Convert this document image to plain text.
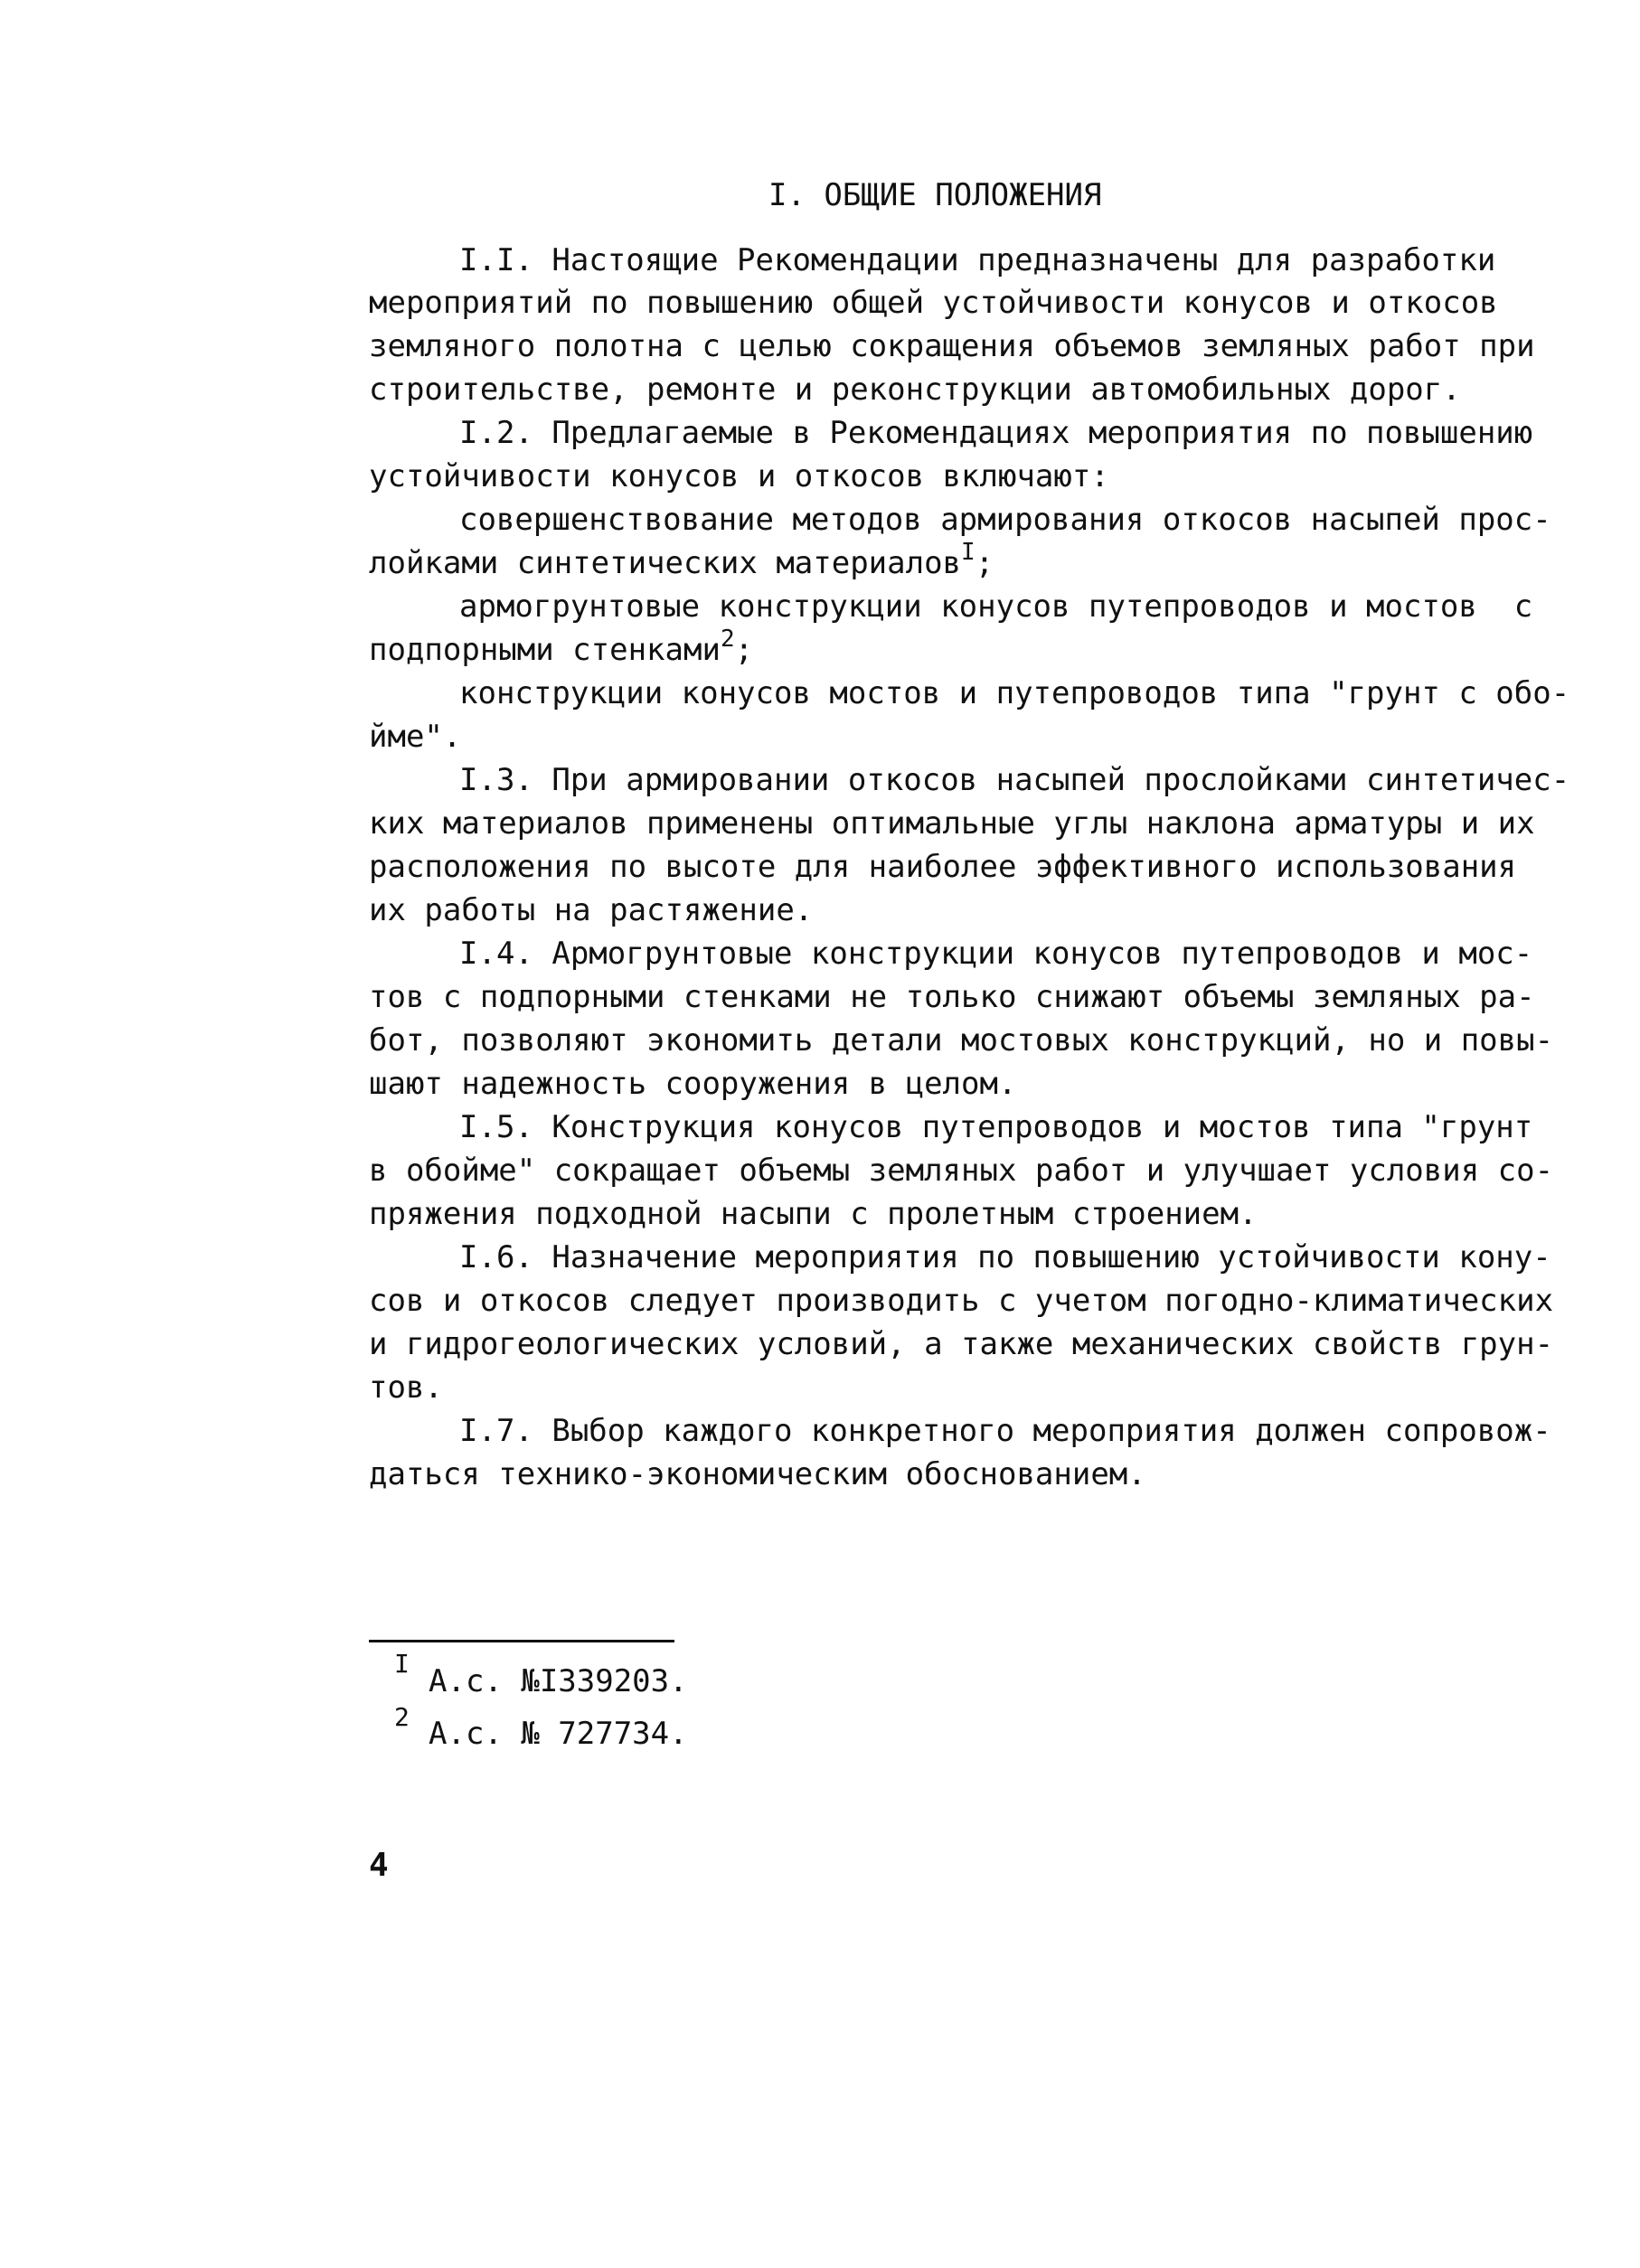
I. ОБЩИЕ ПОЛОЖЕНИЯ
I.I. Настоящие Рекомендации предназначены для разработки
мероприятий по повышению общей устойчивости конусов и откосов
земляного полотна с целью сокращения объемов земляных работ при
строительстве, ремонте и реконструкции автомобильных дорог.
I.2. Предлагаемые в Рекомендациях мероприятия по повышению
устойчивости конусов и откосов включают:
совершенствование методов армирования откосов насыпей прос-
лойками синтетических материалов$^I$;
армогрунтовые конструкции конусов путепроводов и мостов  с
подпорными стенками$^2$;
конструкции конусов мостов и путепроводов типа "грунт с обо-
йме".
I.3. При армировании откосов насыпей прослойками синтетичес-
ких материалов применены оптимальные углы наклона арматуры и их
расположения по высоте для наиболее эффективного использования
их работы на растяжение.
I.4. Армогрунтовые конструкции конусов путепроводов и мос-
тов с подпорными стенками не только снижают объемы земляных ра-
бот, позволяют экономить детали мостовых конструкций, но и повы-
шают надежность сооружения в целом.
I.5. Конструкция конусов путепроводов и мостов типа "грунт
в обойме" сокращает объемы земляных работ и улучшает условия со-
пряжения подходной насыпи с пролетным строением.
I.6. Назначение мероприятия по повышению устойчивости кону-
сов и откосов следует производить с учетом погодно-климатических
и гидрогеологических условий, а также механических свойств грун-
тов.
I.7. Выбор каждого конкретного мероприятия должен сопровож-
даться технико-экономическим обоснованием.
I А.с. №I339203.
2 А.с. № 727734.
4
